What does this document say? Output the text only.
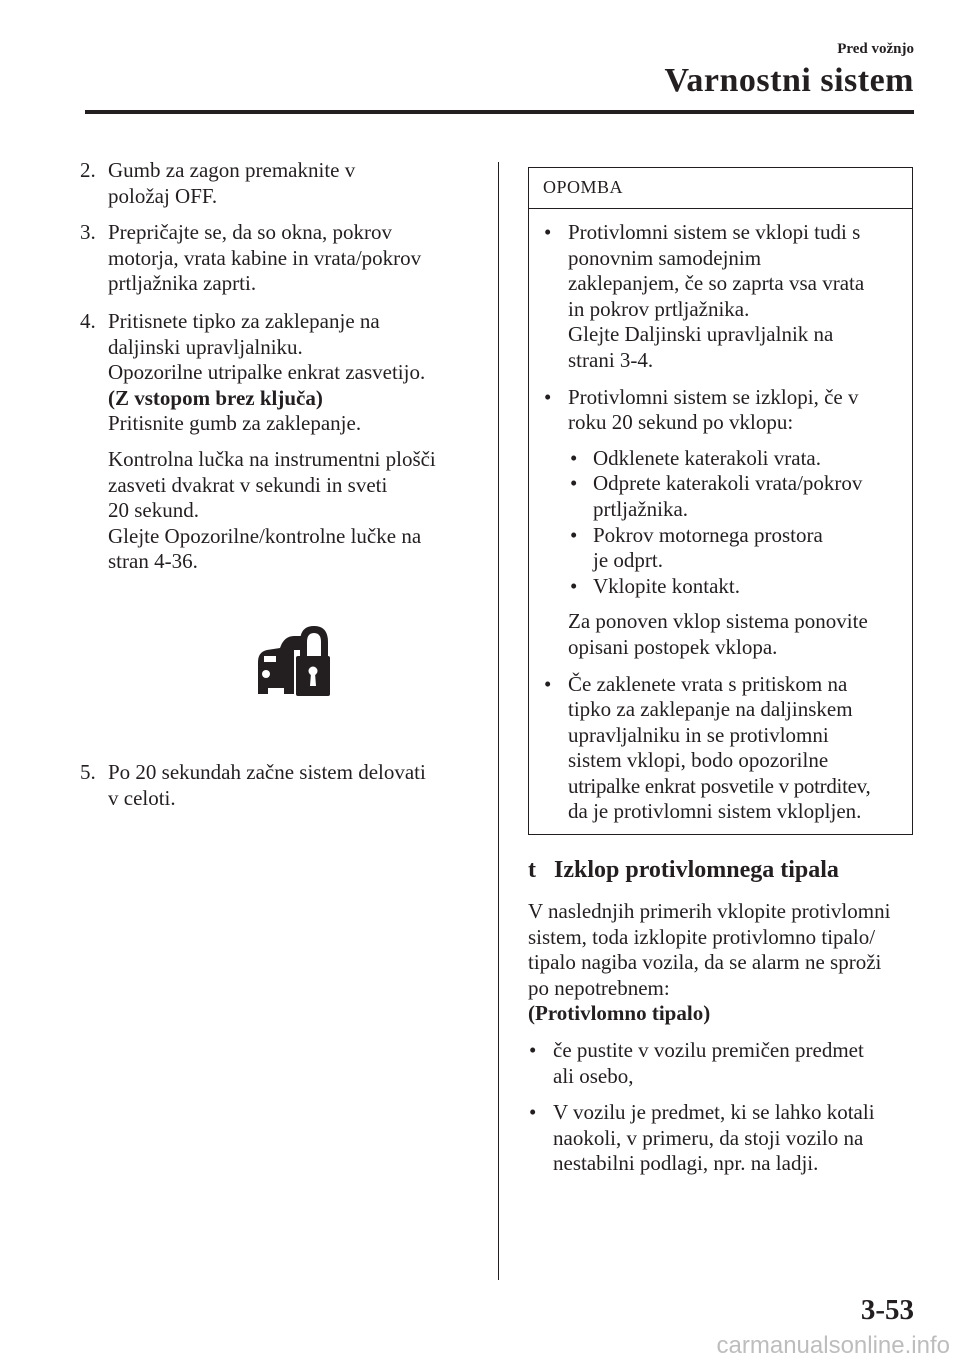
Pred vožnjo
Varnostni sistem
2. Gumb za zagon premaknite v

položaj OFF.

3. Prepričajte se, da so okna, pokrov

motorja, vrata kabine in vrata/pokrov

prtljažnika zaprti.

4. Pritisnete tipko za zaklepanje na

daljinski upravljalniku.

Opozorilne utripalke enkrat zasvetijo.

(Z vstopom brez ključa)

Pritisnite gumb za zaklepanje.

Kontrolna lučka na instrumentni plošči

zasveti dvakrat v sekundi in sveti

20 sekund.

Glejte Opozorilne/kontrolne lučke na

stran 4-36.

5. Po 20 sekundah začne sistem delovati

v celoti.

OPOMBA
• Protivlomni sistem se vklopi tudi s
ponovnim samodejnim
zaklepanjem, če so zaprta vsa vrata
in pokrov prtljažnika.
Glejte Daljinski upravljalnik na
strani 3-4.
• Protivlomni sistem se izklopi, če v
roku 20 sekund po vklopu:
• Odklenete katerakoli vrata.
• Odprete katerakoli vrata/pokrov
prtljažnika.
• Pokrov motornega prostora
je odprt.
• Vklopite kontakt.
Za ponoven vklop sistema ponovite
opisani postopek vklopa.
• Če zaklenete vrata s pritiskom na
tipko za zaklepanje na daljinskem
upravljalniku in se protivlomni
sistem vklopi, bodo opozorilne
utripalke enkrat posvetile v potrditev,
da je protivlomni sistem vklopljen.
t Izklop protivlomnega tipala
V naslednjih primerih vklopite protivlomni
sistem, toda izklopite protivlomno tipalo/
tipalo nagiba vozila, da se alarm ne sproži
po nepotrebnem:
(Protivlomno tipalo)
• če pustite v vozilu premičen predmet
ali osebo,
• V vozilu je predmet, ki se lahko kotali
naokoli, v primeru, da stoji vozilo na
nestabilni podlagi, npr. na ladji.
3-53
carmanualsonline.info
